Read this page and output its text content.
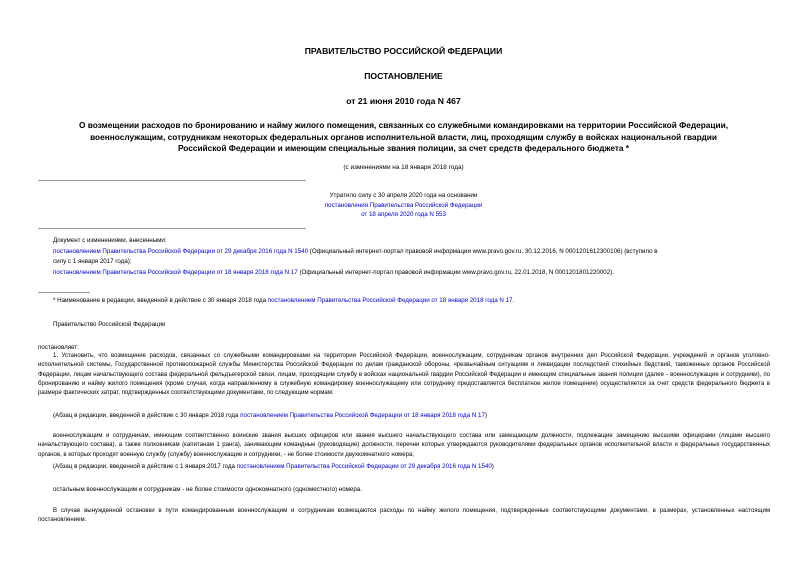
ПРАВИТЕЛЬСТВО РОССИЙСКОЙ ФЕДЕРАЦИИ
ПОСТАНОВЛЕНИЕ
от 21 июня 2010 года N 467
О возмещении расходов по бронированию и найму жилого помещения, связанных со служебными командировками на территории Российской Федерации,
военнослужащим, сотрудникам некоторых федеральных органов исполнительной власти, лиц, проходящим службу в войсках национальной гвардии
Российской Федерации и имеющим специальные звания полиции, за счет средств федерального бюджета *
(с изменениями на 18 января 2018 года)
Утратило силу с 30 апреля 2020 года на основании
постановления Правительства Российской Федерации
от 18 апреля 2020 года N 553
Документ с изменениями, внесенными:
постановлением Правительства Российской Федерации от 29 декабря 2016 года N 1540 (Официальный интернет-портал правовой информации www.pravo.gov.ru, 30.12.2016, N 0001201612300106) (вступило в
силу с 1 января 2017 года);
постановлением Правительства Российской Федерации от 18 января 2018 года N 17 (Официальный интернет-портал правовой информации www.pravo.gov.ru, 22.01.2018, N 0001201801220002).
* Наименование в редакции, введенной в действие с 30 января 2018 года постановлением Правительства Российской Федерации от 18 января 2018 года N 17.
Правительство Российской Федерации
постановляет:
1. Установить, что возмещение расходов, связанных со служебными командировками на территории Российской Федерации, военнослужащим, сотрудникам органов внутренних дел Российской Федерации, учреждений и органов уголовно-исполнительной системы, Государственной противопожарной службы Министерства Российской Федерации по делам гражданской обороны, чрезвычайным ситуациям и ликвидации последствий стихийных бедствий, таможенных органов Российской Федерации, лицам начальствующего состава федеральной фельдъегерской связи, лицам, проходящим службу в войсках национальной гвардии Российской Федерации и имеющим специальные звания полиции (далее - военнослужащие и сотрудники), по бронированию и найму жилого помещения (кроме случая, когда направленному в служебную командировку военнослужащему или сотруднику предоставляется бесплатное жилое помещение) осуществляется за счет средств федерального бюджета в размере фактических затрат, подтвержденных соответствующими документами, по следующим нормам:
(Абзац в редакции, введенной в действие с 30 января 2018 года постановлением Правительства Российской Федерации от 18 января 2018 года N 17)
военнослужащим и сотрудникам, имеющим соответственно воинские звания высших офицеров или звания высшего начальствующего состава или замещающим должности, подлежащие замещению высшими офицерами (лицами высшего начальствующего состава), а также полковникам (капитанам 1 ранга), занимающим командные (руководящие) должности, перечни которых утверждаются руководителями федеральных органов исполнительной власти и федеральных государственных органов, в которых проходят военную службу (службу) военнослужащие и сотрудники, - не более стоимости двухкомнатного номера;
(Абзац в редакции, введенной в действие с 1 января 2017 года постановлением Правительства Российской Федерации от 29 декабря 2016 года N 1540)
остальным военнослужащим и сотрудникам - не более стоимости однокомнатного (одноместного) номера.
В случае вынужденной остановки в пути командированным военнослужащим и сотрудникам возмещаются расходы по найму жилого помещения, подтвержденные соответствующими документами, в размерах, установленных настоящим постановлением.
